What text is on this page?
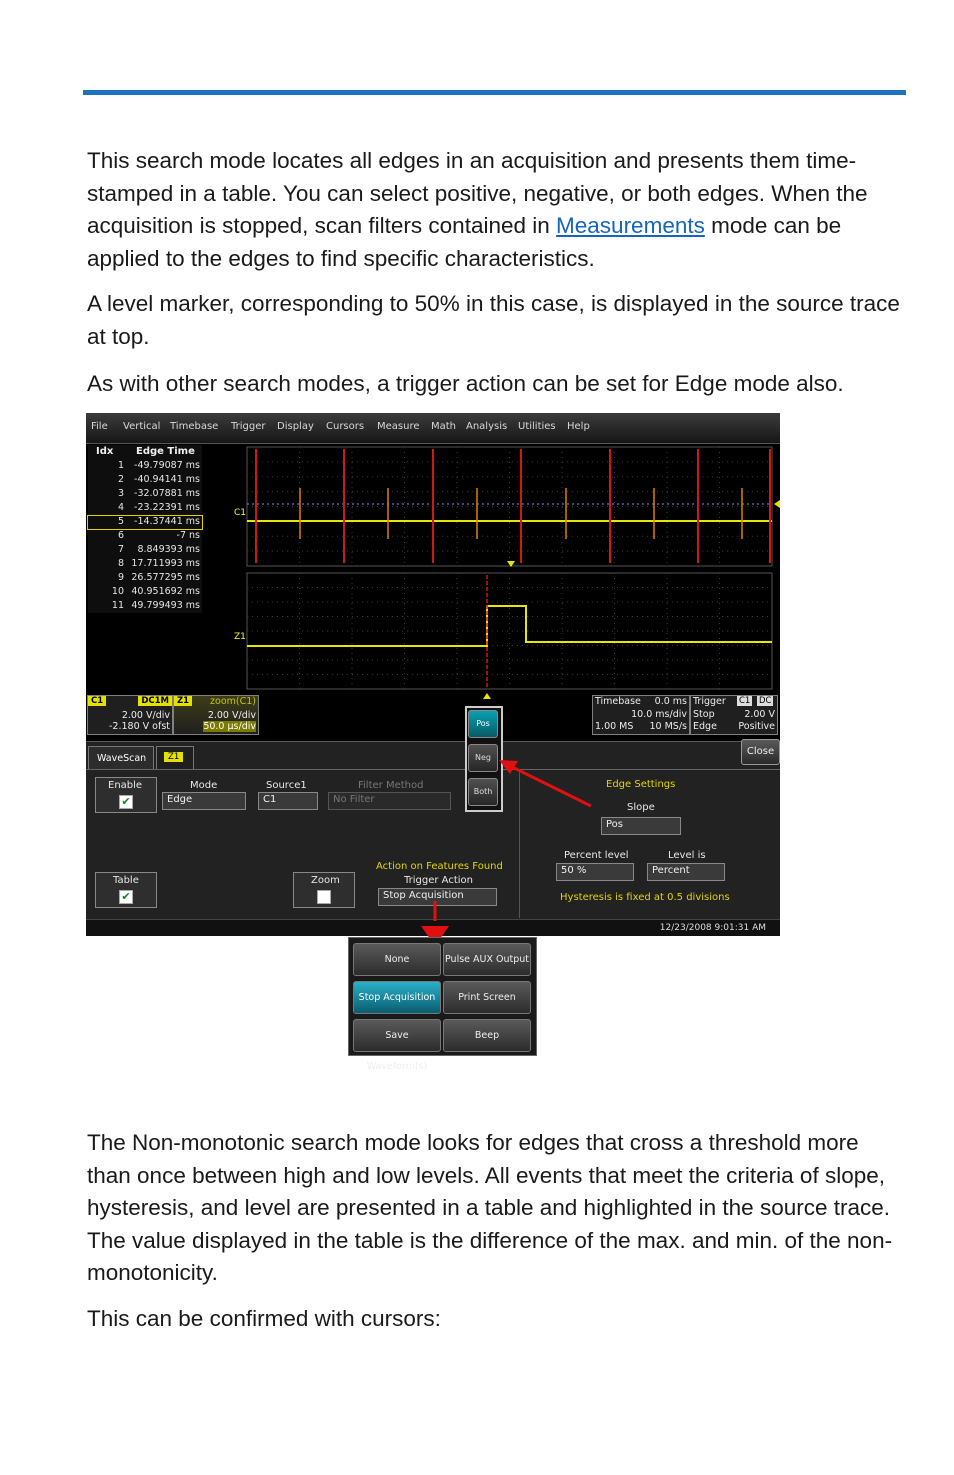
This search mode locates all edges in an acquisition and presents them time-stamped in a table. You can select positive, negative, or both edges. When the acquisition is stopped, scan filters contained in Measurements mode can be applied to the edges to find specific characteristics.

A level marker, corresponding to 50% in this case, is displayed in the source trace at top.

As with other search modes, a trigger action can be set for Edge mode also.

File Vertical Timebase Trigger Display Cursors Measure Math Analysis Utilities Help
Idx Edge Time
1 -49.79087 ms
2 -40.94141 ms
3 -32.07881 ms
4 -23.22391 ms
5 -14.37441 ms
6	-7 ns
7 8.849393 ms
8 17.711993 ms
9 26.577295 ms
10 40.951692 ms
11 49.799493 ms
C1
Z1
C1	DC1M
2.00 V/div
-2.180 V ofst
Z1	zoom(C1)
2.00 V/div
50.0 µs/div
Timebase 0.0 ms
10.0 ms/div
1.00 MS 10 MS/s
Trigger C1 DC
Stop	2.00 V
Edge Positive
WaveScan	Z1
Enable
✔
Mode
Edge
Source1
C1
Filter Method
No Filter
Table
✔
Zoom
Action on Features Found
Trigger Action
Stop Acquisition
Edge Settings
Slope
Pos
Percent level
50 %
Level is
Percent
Hysteresis is fixed at 0.5 divisions
Pos
Neg
Both
Close
12/23/2008 9:01:31 AM
None	Pulse AUX Output
Stop Acquisition	Print Screen
Save Waveform(s)
Beep

The Non-monotonic search mode looks for edges that cross a threshold more than once between high and low levels. All events that meet the criteria of slope, hysteresis, and level are presented in a table and highlighted in the source trace. The value displayed in the table is the difference of the max. and min. of the non-monotonicity.

This can be confirmed with cursors:
